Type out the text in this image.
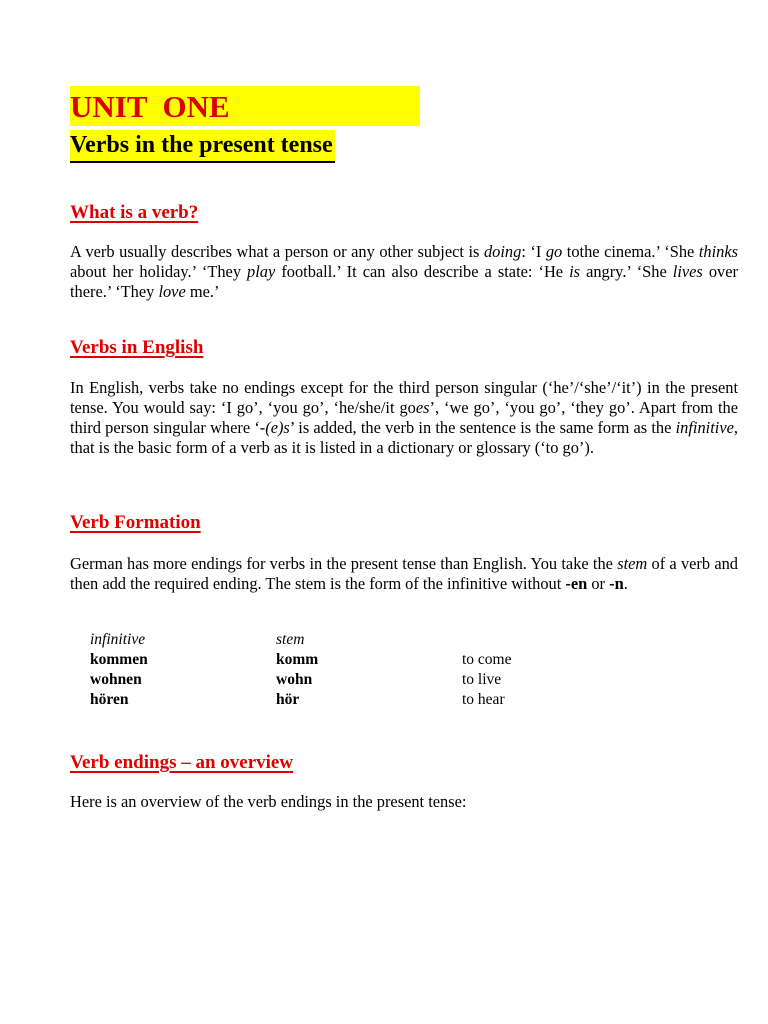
UNIT  ONE
Verbs in the present tense
What is a verb?

A verb usually describes what a person or any other subject is doing: ‘I go tothe cinema.’ ‘She thinks about her holiday.’ ‘They play football.’ It can also describe a state: ‘He is angry.’ ‘She lives over there.’ ‘They love me.’

Verbs in English

In English, verbs take no endings except for the third person singular (‘he’/‘she’/‘it’) in the present tense. You would say: ‘I go’, ‘you go’, ‘he/she/it goes’, ‘we go’, ‘you go’, ‘they go’. Apart from the third person singular where ‘-(e)s’ is added, the verb in the sentence is the same form as the infinitive, that is the basic form of a verb as it is listed in a dictionary or glossary (‘to go’).

Verb Formation

German has more endings for verbs in the present tense than English. You take the stem of a verb and then add the required ending. The stem is the form of the infinitive without -en or -n.

infinitive	stem
kommen	komm	to come
wohnen	wohn	to live
hören	hör	to hear
Verb endings – an overview

Here is an overview of the verb endings in the present tense:
